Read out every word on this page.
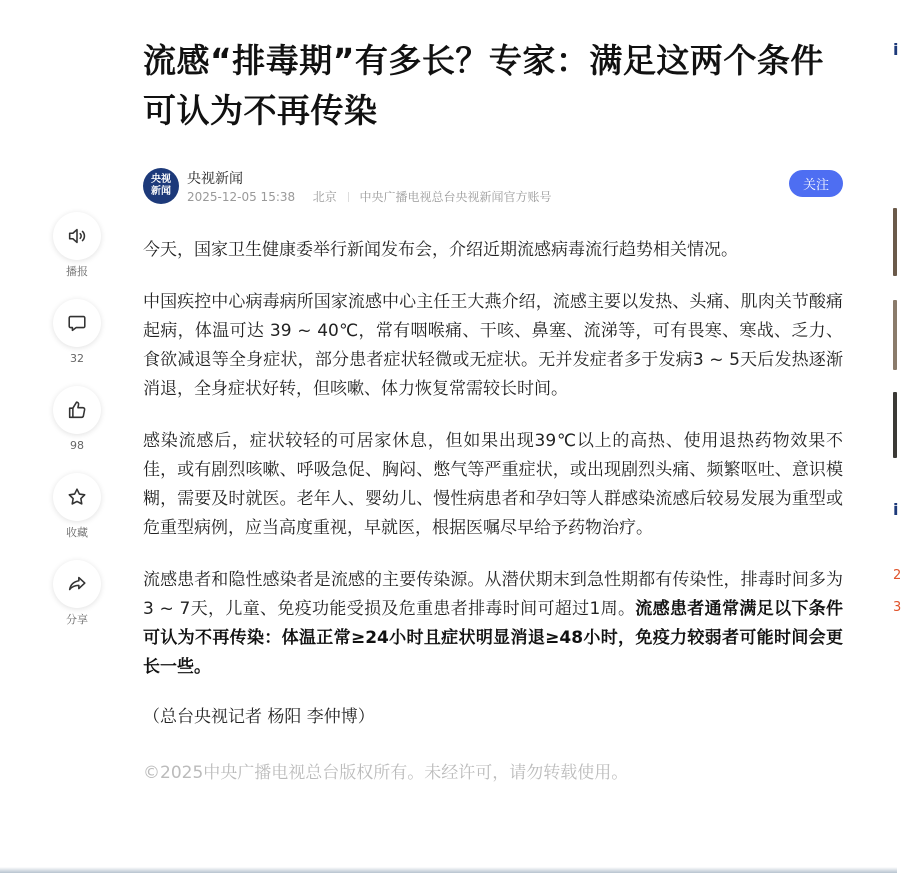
播报
32
98
收藏
分享
流感“排毒期”有多长？专家：满足这两个条件可认为不再传染
央视
新闻
央视新闻
2025-12-05 15:38 北京 中央广播电视总台央视新闻官方账号
关注

今天，国家卫生健康委举行新闻发布会，介绍近期流感病毒流行趋势相关情况。

中国疾控中心病毒病所国家流感中心主任王大燕介绍，流感主要以发热、头痛、肌肉关节酸痛起病，体温可达 39 ~ 40℃，常有咽喉痛、干咳、鼻塞、流涕等，可有畏寒、寒战、乏力、食欲减退等全身症状，部分患者症状轻微或无症状。无并发症者多于发病3 ~ 5天后发热逐渐消退，全身症状好转，但咳嗽、体力恢复常需较长时间。

感染流感后，症状较轻的可居家休息，但如果出现39℃以上的高热、使用退热药物效果不佳，或有剧烈咳嗽、呼吸急促、胸闷、憋气等严重症状，或出现剧烈头痛、频繁呕吐、意识模糊，需要及时就医。老年人、婴幼儿、慢性病患者和孕妇等人群感染流感后较易发展为重型或危重型病例，应当高度重视，早就医，根据医嘱尽早给予药物治疗。

流感患者和隐性感染者是流感的主要传染源。从潜伏期末到急性期都有传染性，排毒时间多为3 ~ 7天，儿童、免疫功能受损及危重患者排毒时间可超过1周。流感患者通常满足以下条件可认为不再传染：体温正常≥24小时且症状明显消退≥48小时，免疫力较弱者可能时间会更长一些。

（总台央视记者 杨阳 李仲博）

©2025中央广播电视总台版权所有。未经许可，请勿转载使用。

i
i
2
3
